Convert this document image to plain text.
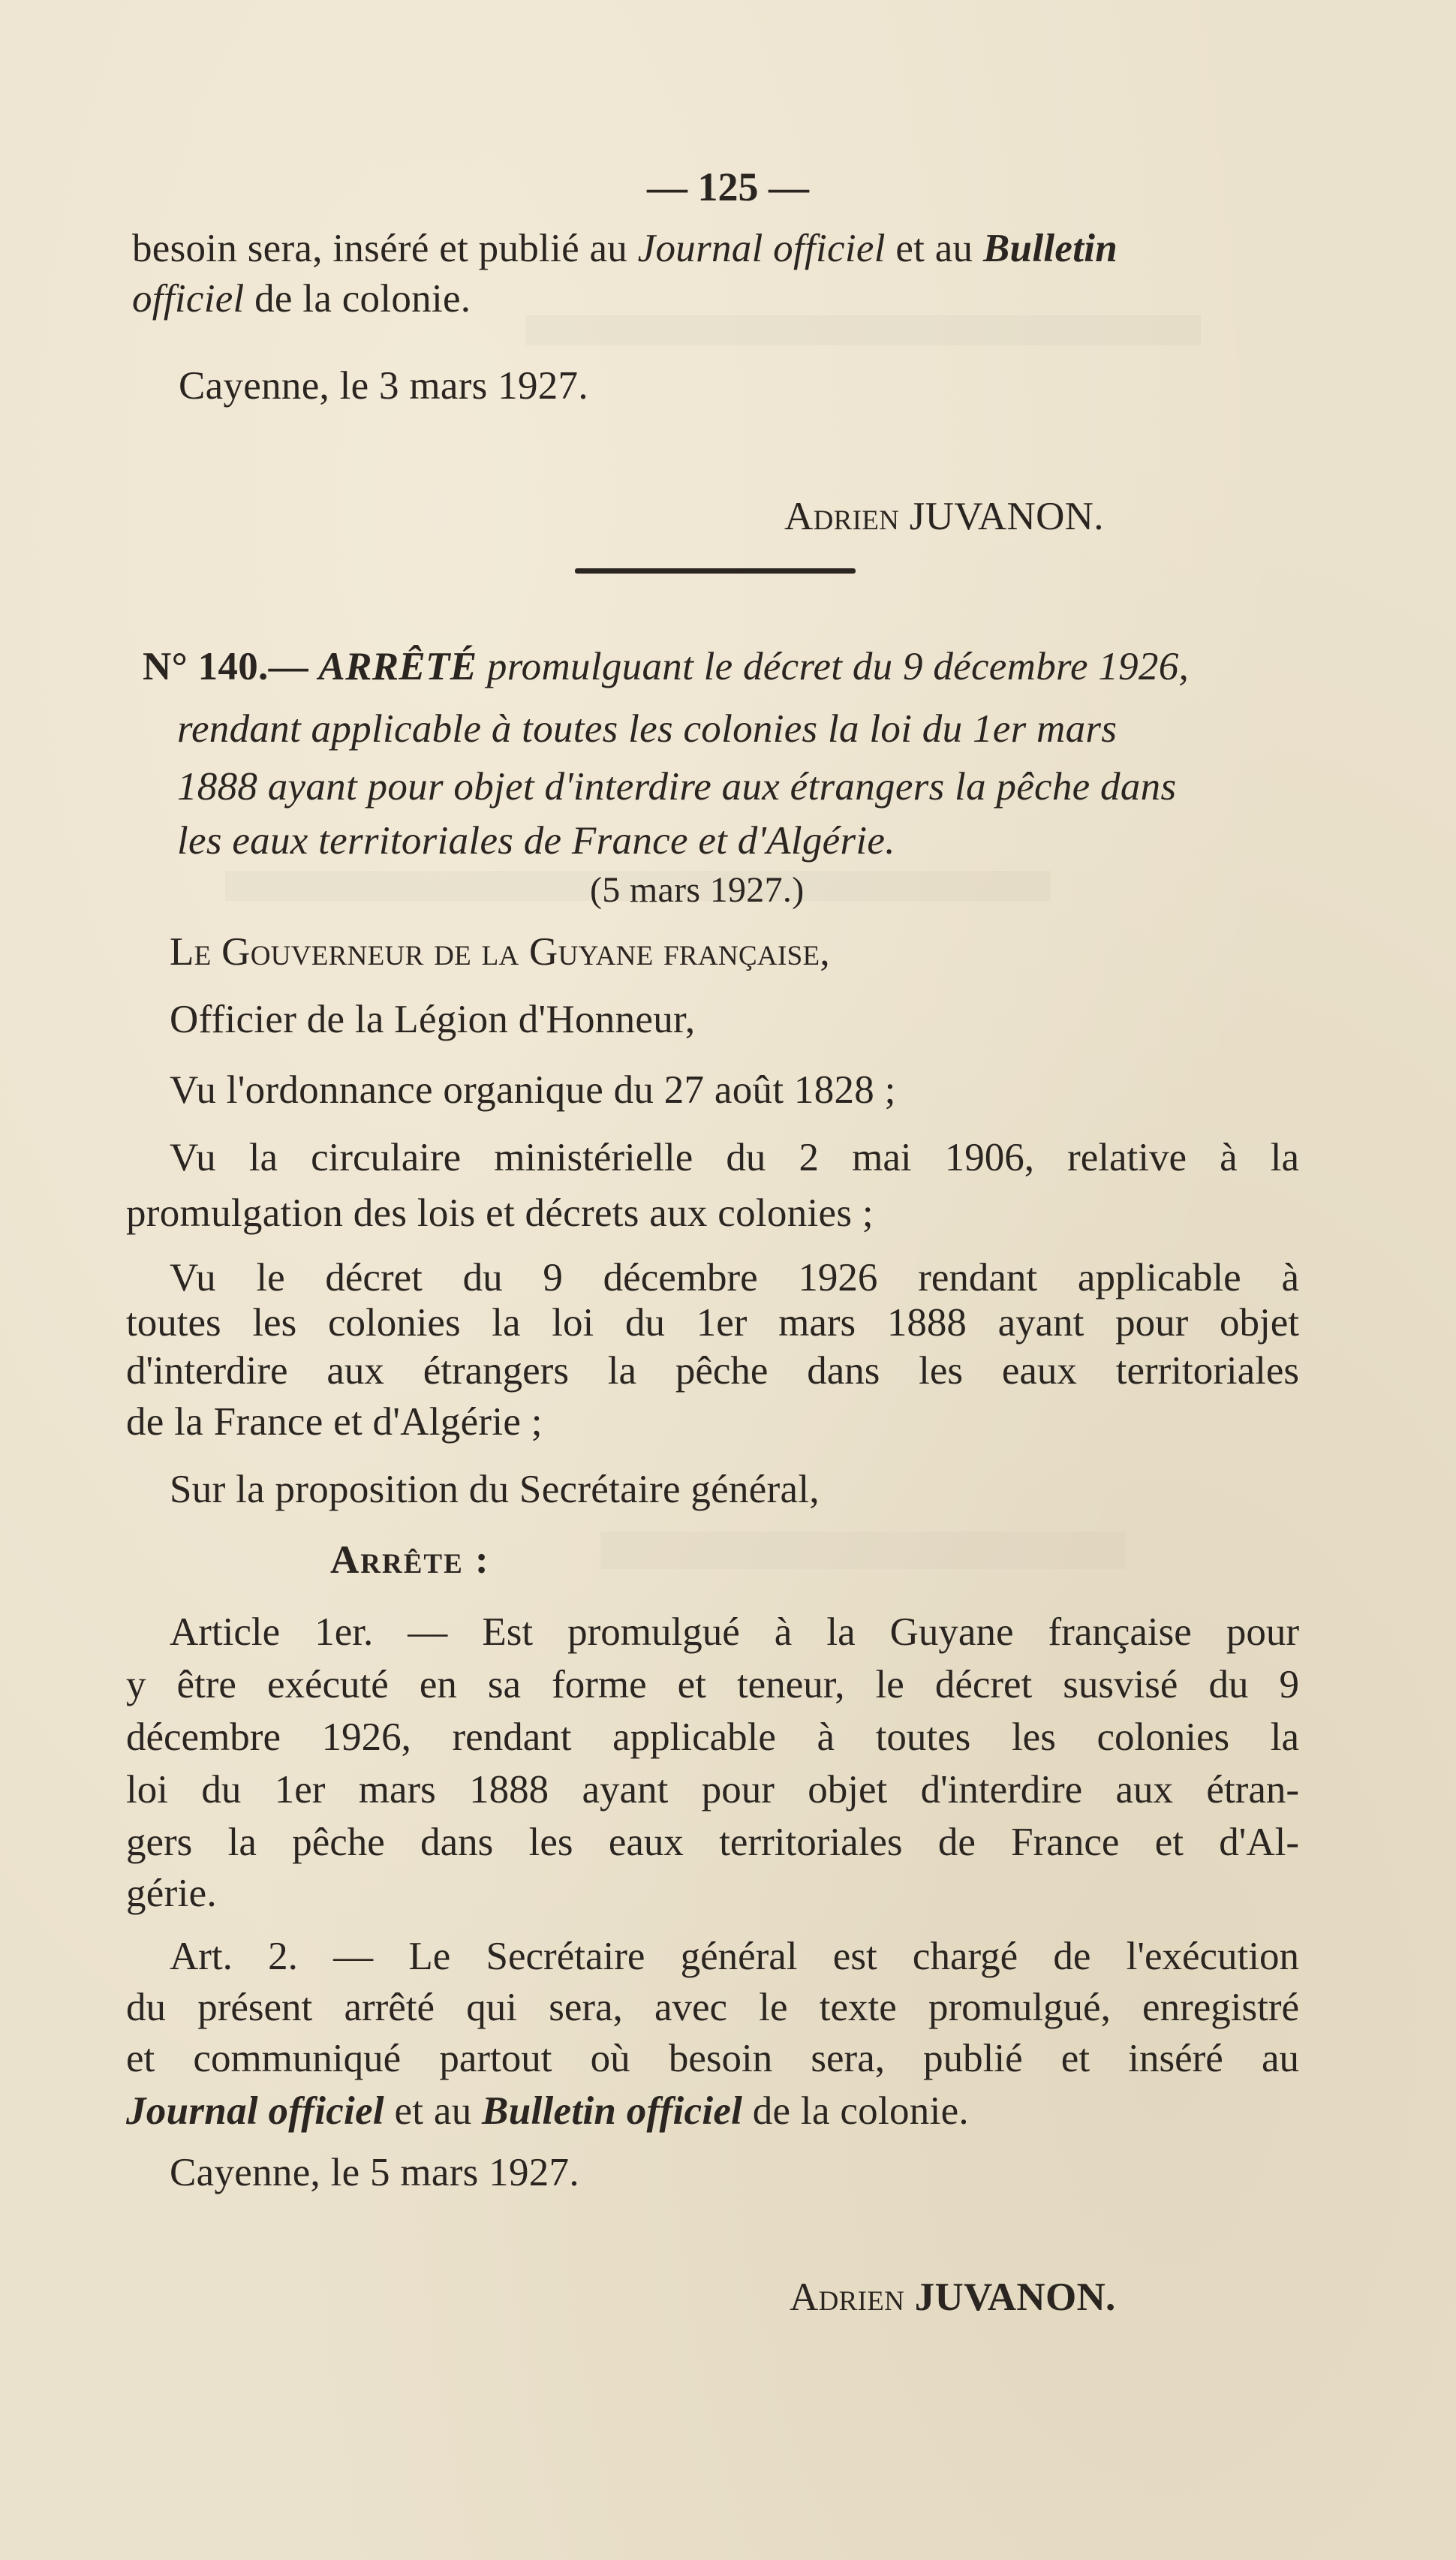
— 125 —
besoin sera, inséré et publié au Journal officiel et au Bulletin
officiel de la colonie.
Cayenne, le 3 mars 1927.
Adrien JUVANON.
N° 140.— ARRÊTÉ promulguant le décret du 9 décembre 1926,
rendant applicable à toutes les colonies la loi du 1er mars
1888 ayant pour objet d'interdire aux étrangers la pêche dans
les eaux territoriales de France et d'Algérie.
(5 mars 1927.)
Le Gouverneur de la Guyane française,
Officier de la Légion d'Honneur,
Vu l'ordonnance organique du 27 août 1828 ;
Vu la circulaire ministérielle du 2 mai 1906, relative à la
promulgation des lois et décrets aux colonies ;
Vu le décret du 9 décembre 1926 rendant applicable à
toutes les colonies la loi du 1er mars 1888 ayant pour objet
d'interdire aux étrangers la pêche dans les eaux territoriales
de la France et d'Algérie ;
Sur la proposition du Secrétaire général,
Arrête :
Article 1er. — Est promulgué à la Guyane française pour
y être exécuté en sa forme et teneur, le décret susvisé du 9
décembre 1926, rendant applicable à toutes les colonies la
loi du 1er mars 1888 ayant pour objet d'interdire aux étran-
gers la pêche dans les eaux territoriales de France et d'Al-
gérie.
Art. 2. — Le Secrétaire général est chargé de l'exécution
du présent arrêté qui sera, avec le texte promulgué, enregistré
et communiqué partout où besoin sera, publié et inséré au
Journal officiel et au Bulletin officiel de la colonie.
Cayenne, le 5 mars 1927.
Adrien JUVANON.
